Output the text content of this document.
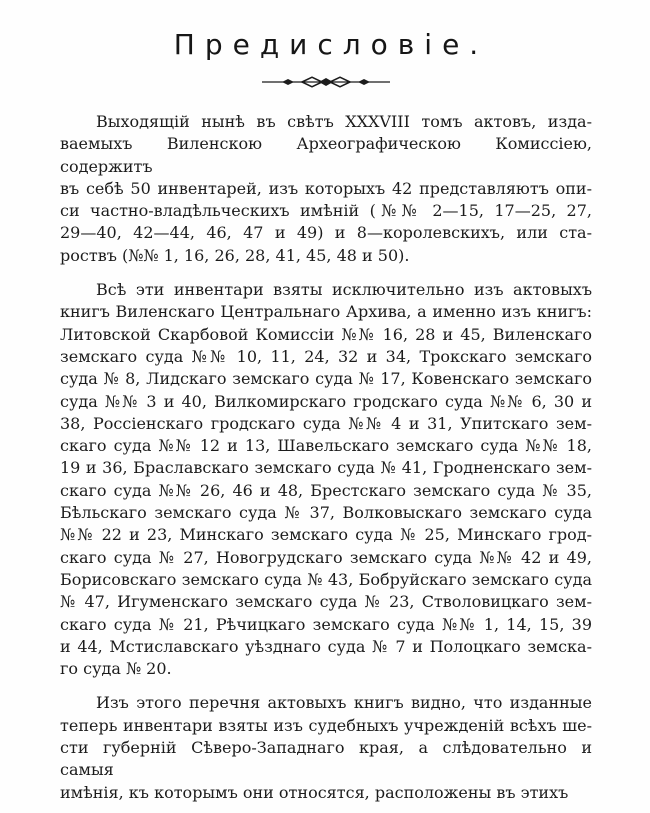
Предисловіе.
Выходящій нынѣ въ свѣтъ XXXVIII томъ актовъ, изда-
ваемыхъ Виленскою Археографическою Комиссіею, содержитъ
въ себѣ 50 инвентарей, изъ которыхъ 42 представляютъ опи-
си частно-владѣльческихъ имѣній (№№ 2—15, 17—25, 27,
29—40, 42—44, 46, 47 и 49) и 8—королевскихъ, или ста-
роствъ (№№ 1, 16, 26, 28, 41, 45, 48 и 50).
Всѣ эти инвентари взяты исключительно изъ актовыхъ
книгъ Виленскаго Центральнаго Архива, а именно изъ книгъ:
Литовской Скарбовой Комиссіи №№ 16, 28 и 45, Виленскаго
земскаго суда №№ 10, 11, 24, 32 и 34, Трокскаго земскаго
суда № 8, Лидскаго земскаго суда № 17, Ковенскаго земскаго
суда №№ 3 и 40, Вилкомирскаго гродскаго суда №№ 6, 30 и
38, Россіенскаго гродскаго суда №№ 4 и 31, Упитскаго зем-
скаго суда №№ 12 и 13, Шавельскаго земскаго суда №№ 18,
19 и 36, Браславскаго земскаго суда № 41, Гродненскаго зем-
скаго суда №№ 26, 46 и 48, Брестскаго земскаго суда № 35,
Бѣльскаго земскаго суда № 37, Волковыскаго земскаго суда
№№ 22 и 23, Минскаго земскаго суда № 25, Минскаго грод-
скаго суда № 27, Новогрудскаго земскаго суда №№ 42 и 49,
Борисовскаго земскаго суда № 43, Бобруйскаго земскаго суда
№ 47, Игуменскаго земскаго суда № 23, Стволовицкаго зем-
скаго суда № 21, Рѣчицкаго земскаго суда №№ 1, 14, 15, 39
и 44, Мстиславскаго уѣзднаго суда № 7 и Полоцкаго земска-
го суда № 20.
Изъ этого перечня актовыхъ книгъ видно, что изданные
теперь инвентари взяты изъ судебныхъ учрежденій всѣхъ ше-
сти губерній Сѣверо-Западнаго края, а слѣдовательно и самыя
имѣнія, къ которымъ они относятся, расположены въ этихъ
